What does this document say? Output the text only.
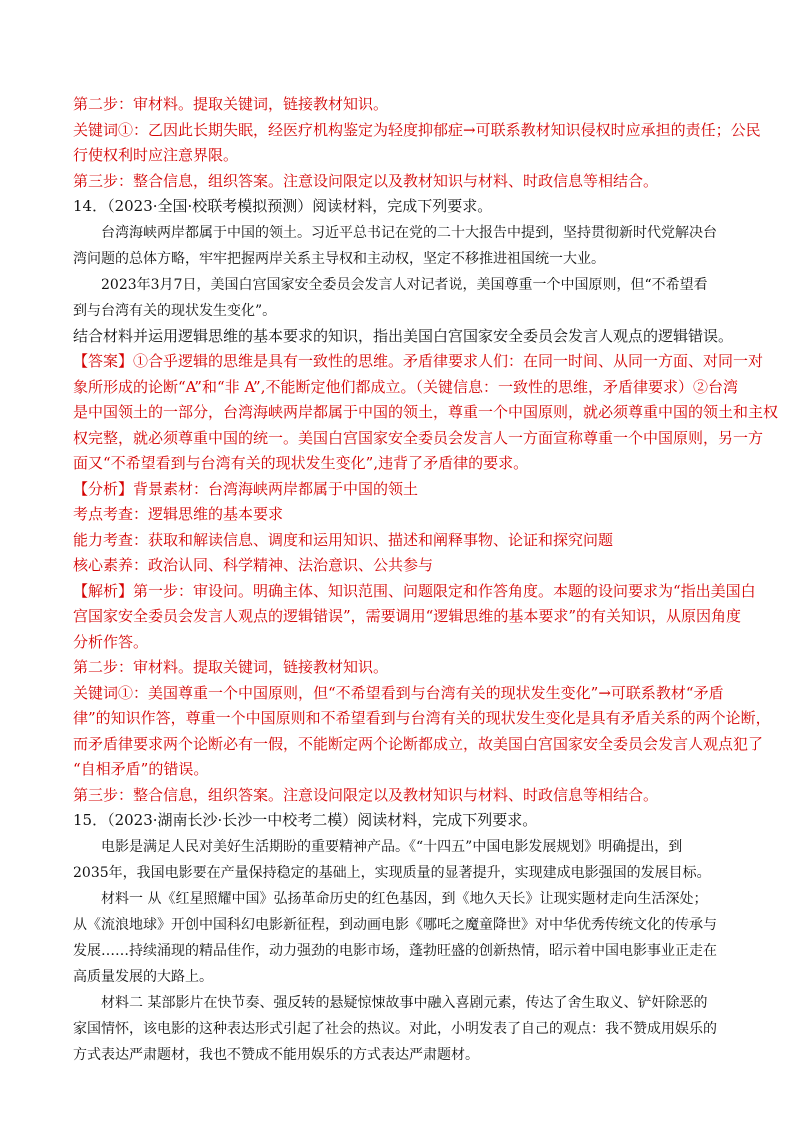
第二步：审材料。提取关键词，链接教材知识。
关键词①：乙因此长期失眠，经医疗机构鉴定为轻度抑郁症→可联系教材知识侵权时应承担的责任；公民
行使权利时应注意界限。
第三步：整合信息，组织答案。注意设问限定以及教材知识与材料、时政信息等相结合。
14．（2023·全国·校联考模拟预测）阅读材料，完成下列要求。
台湾海峡两岸都属于中国的领土。习近平总书记在党的二十大报告中提到，坚持贯彻新时代党解决台
湾问题的总体方略，牢牢把握两岸关系主导权和主动权，坚定不移推进祖国统一大业。
2023年3月7日，美国白宫国家安全委员会发言人对记者说，美国尊重一个中国原则，但“不希望看
到与台湾有关的现状发生变化”。
结合材料并运用逻辑思维的基本要求的知识，指出美国白宫国家安全委员会发言人观点的逻辑错误。
【答案】①合乎逻辑的思维是具有一致性的思维。矛盾律要求人们：在同一时间、从同一方面、对同一对
象所形成的论断“A”和“非 A”,不能断定他们都成立。（关键信息：一致性的思维，矛盾律要求）②台湾
是中国领土的一部分，台湾海峡两岸都属于中国的领土，尊重一个中国原则，就必须尊重中国的领土和主权
权完整，就必须尊重中国的统一。美国白宫国家安全委员会发言人一方面宣称尊重一个中国原则，另一方
面又“不希望看到与台湾有关的现状发生变化”,违背了矛盾律的要求。
【分析】背景素材：台湾海峡两岸都属于中国的领土
考点考查：逻辑思维的基本要求
能力考查：获取和解读信息、调度和运用知识、描述和阐释事物、论证和探究问题
核心素养：政治认同、科学精神、法治意识、公共参与
【解析】第一步：审设问。明确主体、知识范围、问题限定和作答角度。本题的设问要求为“指出美国白
宫国家安全委员会发言人观点的逻辑错误”，需要调用“逻辑思维的基本要求”的有关知识，从原因角度
分析作答。
第二步：审材料。提取关键词，链接教材知识。
关键词①：美国尊重一个中国原则，但“不希望看到与台湾有关的现状发生变化”→可联系教材“矛盾
律”的知识作答，尊重一个中国原则和不希望看到与台湾有关的现状发生变化是具有矛盾关系的两个论断，
而矛盾律要求两个论断必有一假，不能断定两个论断都成立，故美国白宫国家安全委员会发言人观点犯了
“自相矛盾”的错误。
第三步：整合信息，组织答案。注意设问限定以及教材知识与材料、时政信息等相结合。
15．（2023·湖南长沙·长沙一中校考二模）阅读材料，完成下列要求。
电影是满足人民对美好生活期盼的重要精神产品。《“十四五”中国电影发展规划》明确提出，到
2035年，我国电影要在产量保持稳定的基础上，实现质量的显著提升，实现建成电影强国的发展目标。
材料一 从《红星照耀中国》弘扬革命历史的红色基因，到《地久天长》让现实题材走向生活深处；
从《流浪地球》开创中国科幻电影新征程，到动画电影《哪吒之魔童降世》对中华优秀传统文化的传承与
发展……持续涌现的精品佳作，动力强劲的电影市场，蓬勃旺盛的创新热情，昭示着中国电影事业正走在
高质量发展的大路上。
材料二 某部影片在快节奏、强反转的悬疑惊悚故事中融入喜剧元素，传达了舍生取义、铲奸除恶的
家国情怀，该电影的这种表达形式引起了社会的热议。对此，小明发表了自己的观点：我不赞成用娱乐的
方式表达严肃题材，我也不赞成不能用娱乐的方式表达严肃题材。
